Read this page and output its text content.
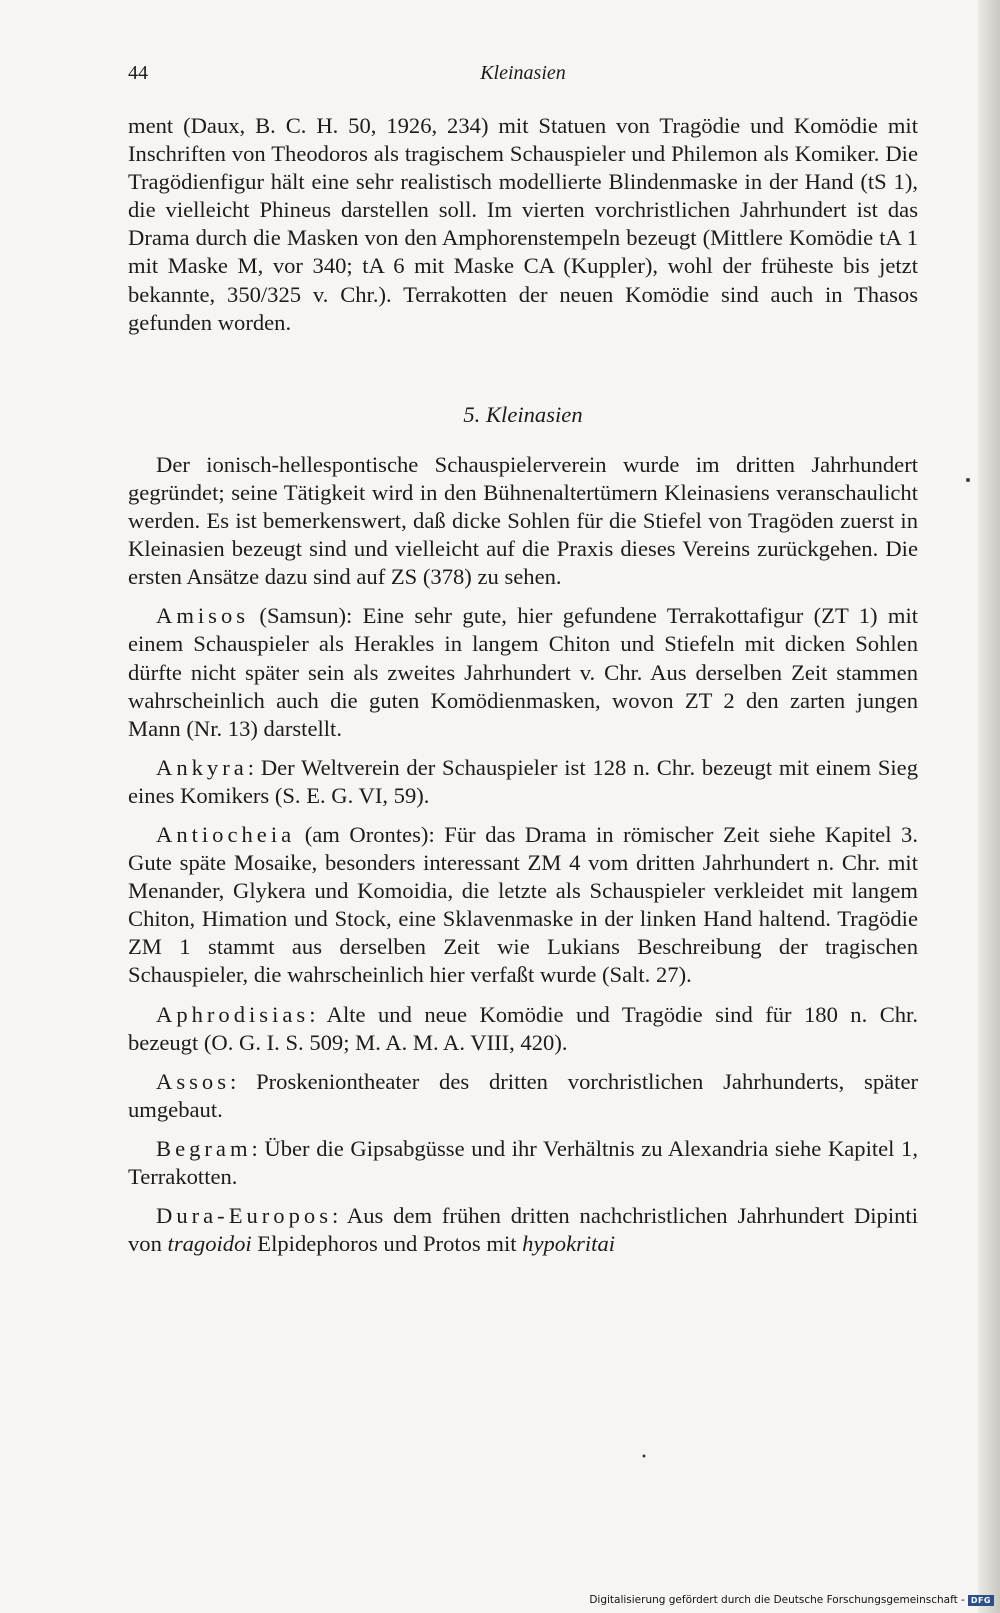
44	Kleinasien

ment (Daux, B. C. H. 50, 1926, 234) mit Statuen von Tragödie und Komödie mit Inschriften von Theodoros als tragischem Schauspieler und Philemon als Komiker. Die Tragödienfigur hält eine sehr realistisch modellierte Blindenmaske in der Hand (tS 1), die vielleicht Phineus darstellen soll. Im vierten vorchristlichen Jahrhundert ist das Drama durch die Masken von den Amphorenstempeln bezeugt (Mittlere Komödie tA 1 mit Maske M, vor 340; tA 6 mit Maske CA (Kuppler), wohl der früheste bis jetzt bekannte, 350/325 v. Chr.). Terrakotten der neuen Komödie sind auch in Thasos gefunden worden.

5. Kleinasien

Der ionisch-hellespontische Schauspielerverein wurde im dritten Jahrhundert gegründet; seine Tätigkeit wird in den Bühnenaltertümern Kleinasiens veranschaulicht werden. Es ist bemerkenswert, daß dicke Sohlen für die Stiefel von Tragöden zuerst in Kleinasien bezeugt sind und vielleicht auf die Praxis dieses Vereins zurückgehen. Die ersten Ansätze dazu sind auf ZS (378) zu sehen.

Amisos (Samsun): Eine sehr gute, hier gefundene Terrakottafigur (ZT 1) mit einem Schauspieler als Herakles in langem Chiton und Stiefeln mit dicken Sohlen dürfte nicht später sein als zweites Jahrhundert v. Chr. Aus derselben Zeit stammen wahrscheinlich auch die guten Komödienmasken, wovon ZT 2 den zarten jungen Mann (Nr. 13) darstellt.

Ankyra: Der Weltverein der Schauspieler ist 128 n. Chr. bezeugt mit einem Sieg eines Komikers (S. E. G. VI, 59).

Antiocheia (am Orontes): Für das Drama in römischer Zeit siehe Kapitel 3. Gute späte Mosaike, besonders interessant ZM 4 vom dritten Jahrhundert n. Chr. mit Menander, Glykera und Komoidia, die letzte als Schauspieler verkleidet mit langem Chiton, Himation und Stock, eine Sklavenmaske in der linken Hand haltend. Tragödie ZM 1 stammt aus derselben Zeit wie Lukians Beschreibung der tragischen Schauspieler, die wahrscheinlich hier verfaßt wurde (Salt. 27).

Aphrodisias: Alte und neue Komödie und Tragödie sind für 180 n. Chr. bezeugt (O. G. I. S. 509; M. A. M. A. VIII, 420).

Assos: Proskeniontheater des dritten vorchristlichen Jahrhunderts, später umgebaut.

Begram: Über die Gipsabgüsse und ihr Verhältnis zu Alexandria siehe Kapitel 1, Terrakotten.

Dura-Europos: Aus dem frühen dritten nachchristlichen Jahrhundert Dipinti von tragoidoi Elpidephoros und Protos mit hypokritai

Digitalisierung gefördert durch die Deutsche Forschungsgemeinschaft - DFG
